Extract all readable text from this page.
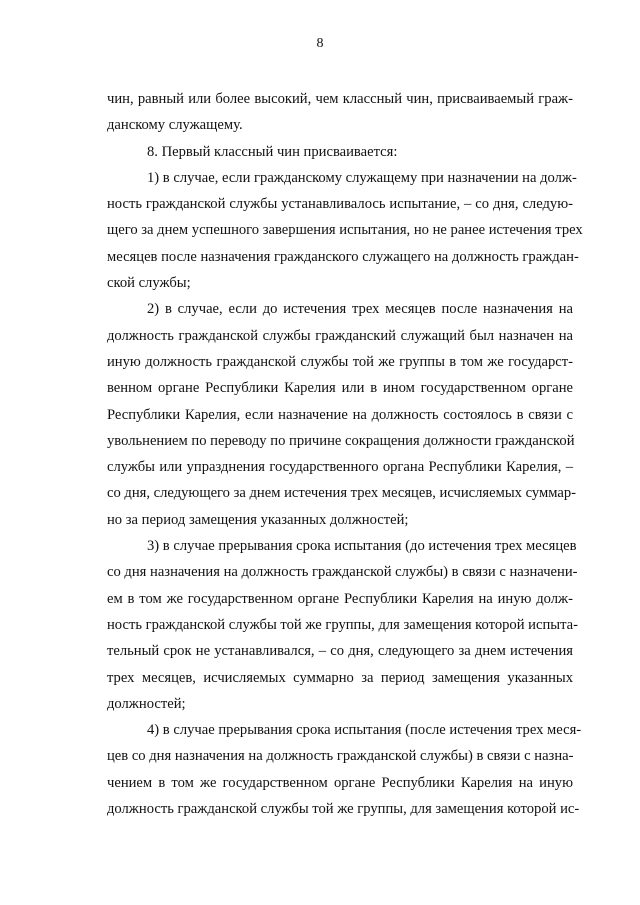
8

чин, равный или более высокий, чем классный чин, присваиваемый граж-
данскому служащему.

8. Первый классный чин присваивается:

1) в случае, если гражданскому служащему при назначении на долж-
ность гражданской службы устанавливалось испытание, – со дня, следую-
щего за днем успешного завершения испытания, но не ранее истечения трех
месяцев после назначения гражданского служащего на должность граждан-
ской службы;

2) в случае, если до истечения трех месяцев после назначения на
должность гражданской службы гражданский служащий был назначен на
иную должность гражданской службы той же группы в том же государст-
венном органе Республики Карелия или в ином государственном органе
Республики Карелия, если назначение на должность состоялось в связи с
увольнением по переводу по причине сокращения должности гражданской
службы или упразднения государственного органа Республики Карелия, –
со дня, следующего за днем истечения трех месяцев, исчисляемых суммар-
но за период замещения указанных должностей;

3) в случае прерывания срока испытания (до истечения трех месяцев
со дня назначения на должность гражданской службы) в связи с назначени-
ем в том же государственном органе Республики Карелия на иную долж-
ность гражданской службы той же группы, для замещения которой испыта-
тельный срок не устанавливался, – со дня, следующего за днем истечения
трех месяцев, исчисляемых суммарно за период замещения указанных
должностей;

4) в случае прерывания срока испытания (после истечения трех меся-
цев со дня назначения на должность гражданской службы) в связи с назна-
чением в том же государственном органе Республики Карелия на иную
должность гражданской службы той же группы, для замещения которой ис-
